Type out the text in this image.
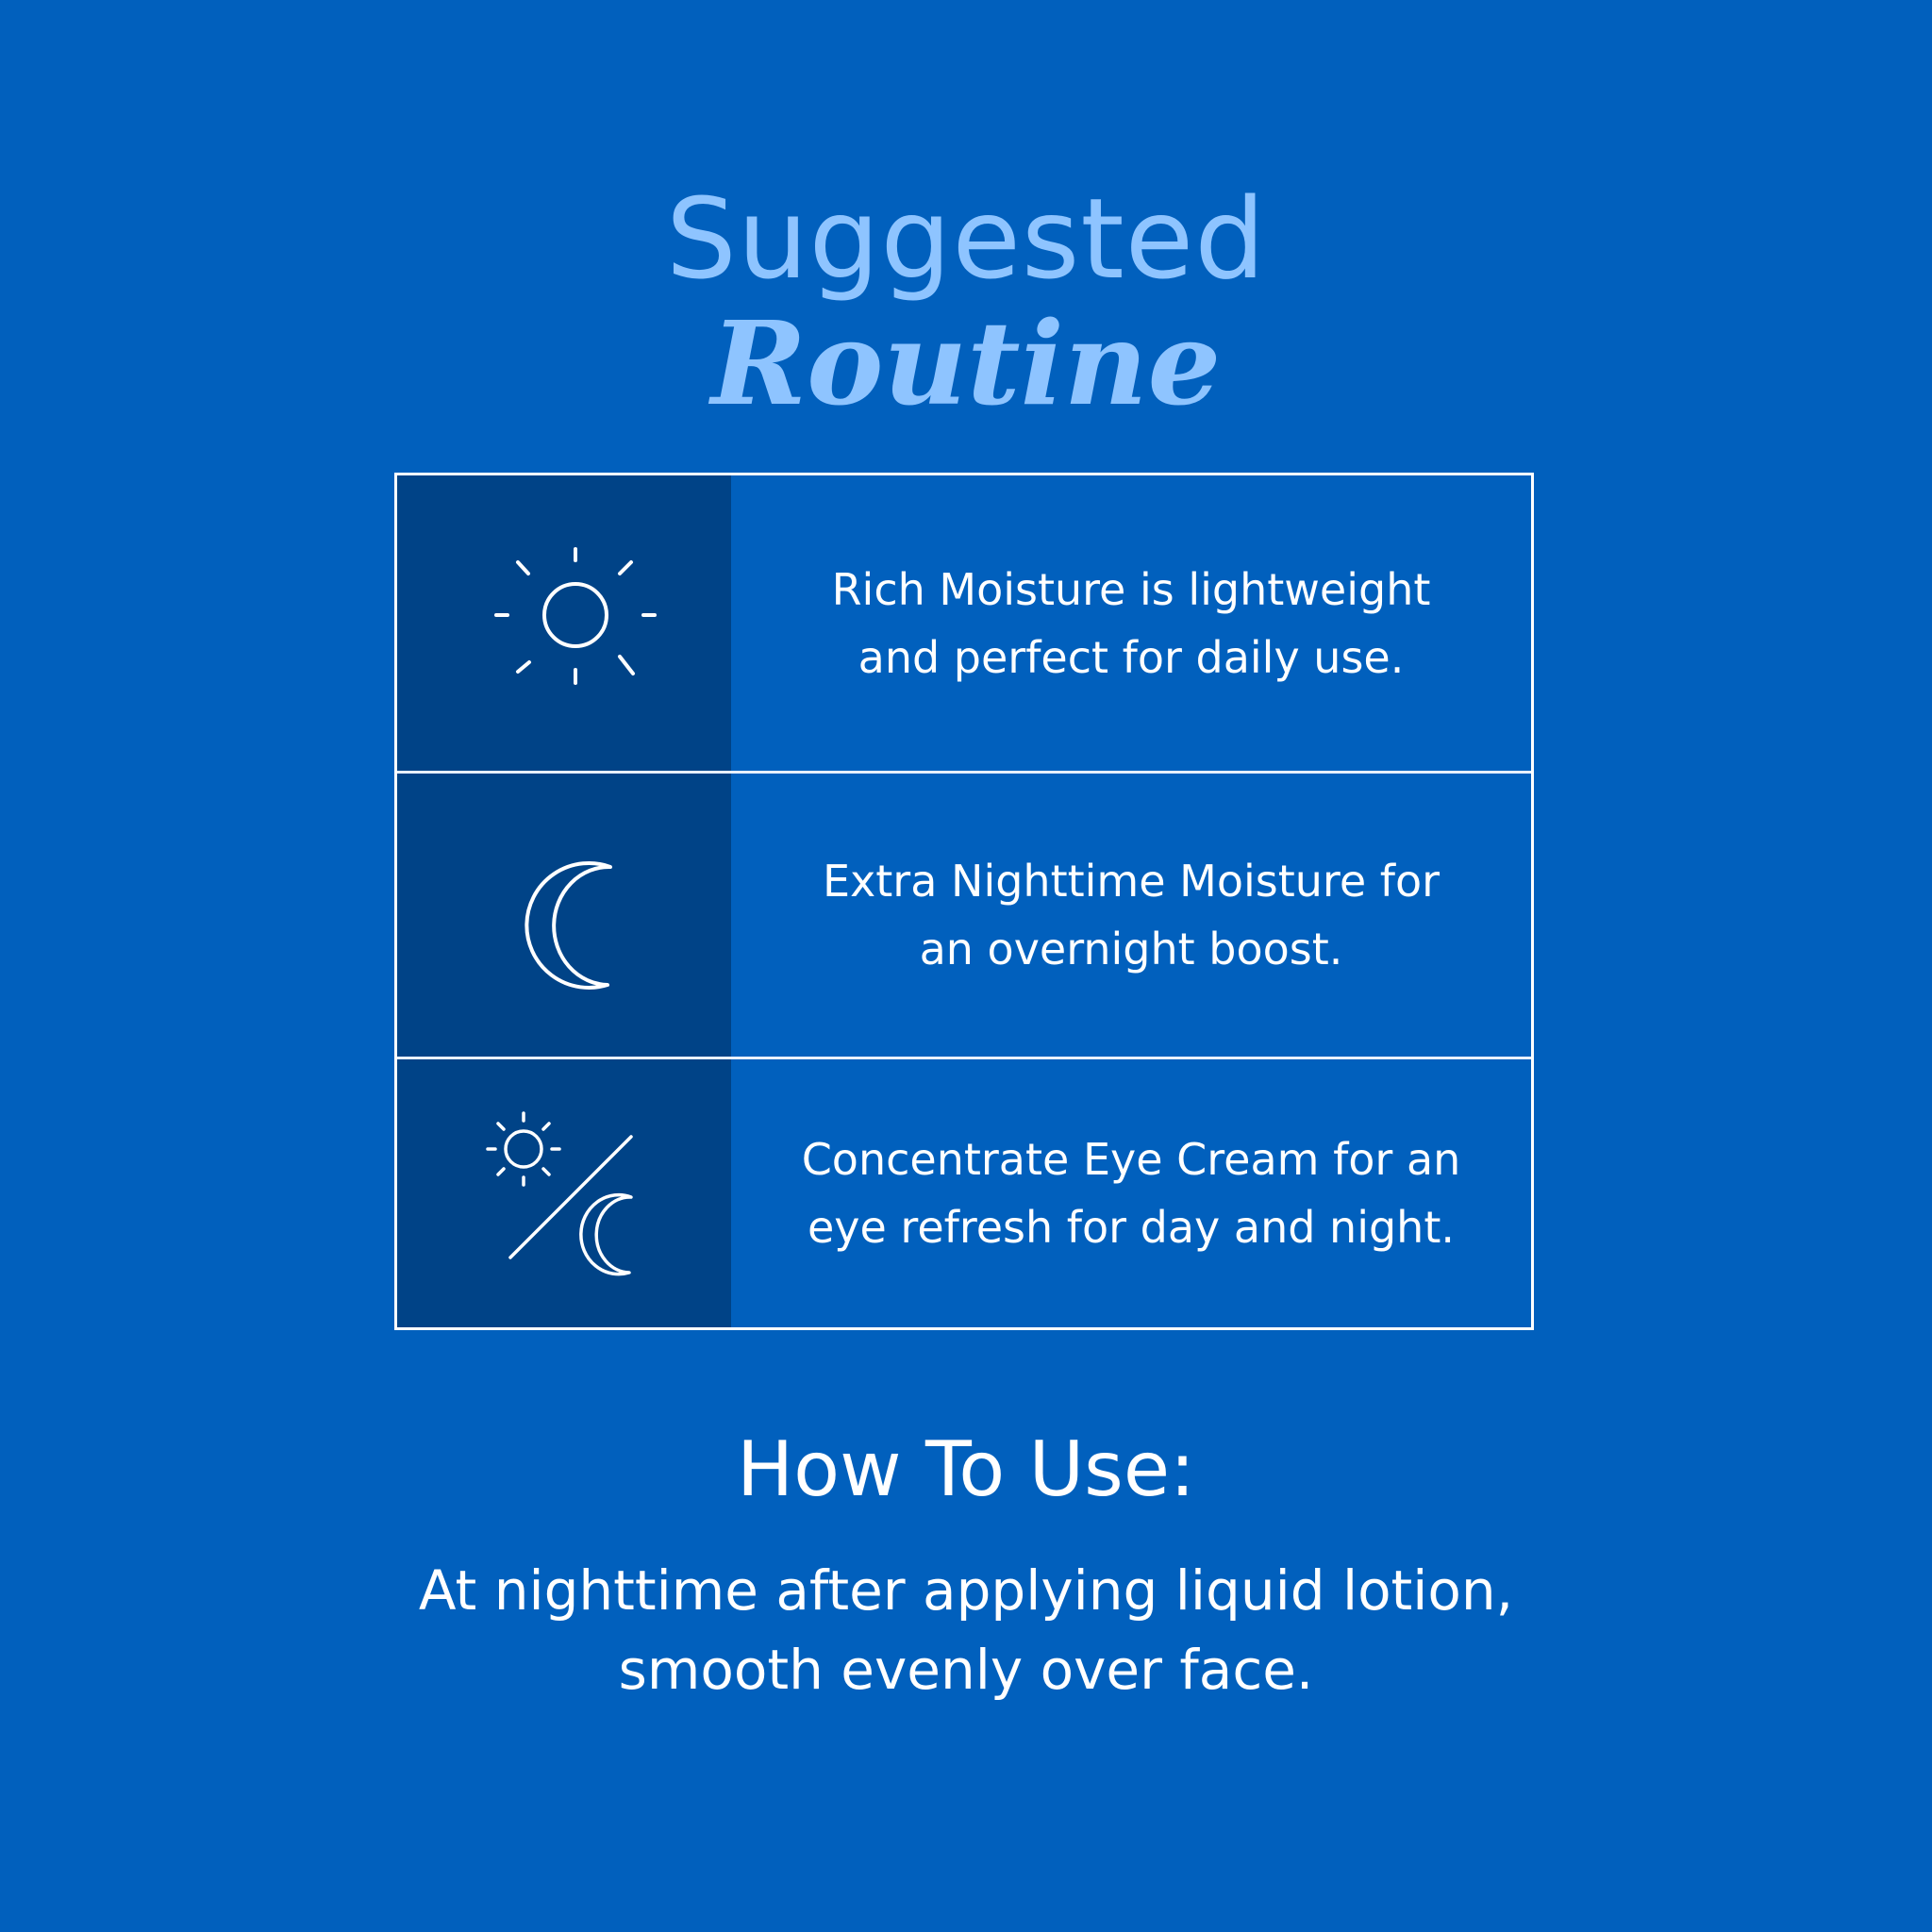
Suggested
Routine
Rich Moisture is lightweight
and perfect for daily use.
Extra Nighttime Moisture for
an overnight boost.
Concentrate Eye Cream for an
eye refresh for day and night.
How To Use:
At nighttime after applying liquid lotion,
smooth evenly over face.
